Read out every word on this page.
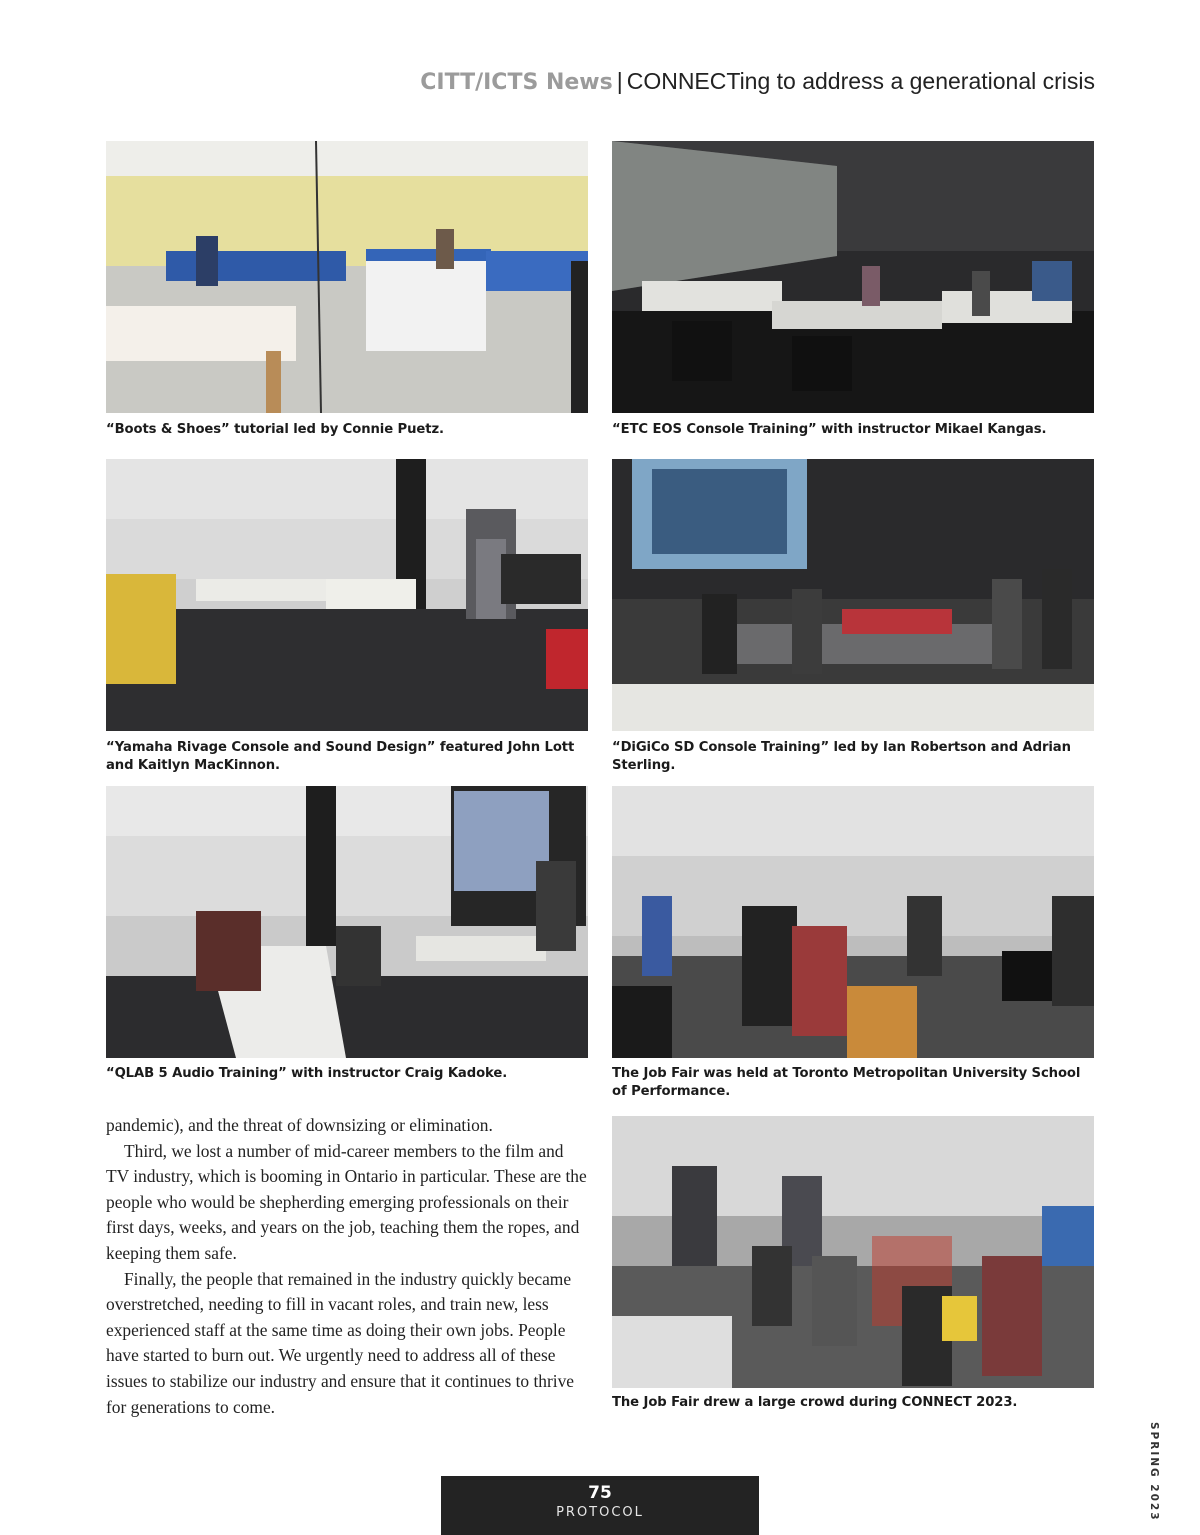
CITT/ICTS News | CONNECTing to address a generational crisis
“Boots & Shoes” tutorial led by Connie Puetz.	“ETC EOS Console Training” with instructor Mikael Kangas.
“Yamaha Rivage Console and Sound Design” featured John Lott and Kaitlyn MacKinnon.
“DiGiCo SD Console Training” led by Ian Robertson and Adrian Sterling.
“QLAB 5 Audio Training” with instructor Craig Kadoke.	The Job Fair was held at Toronto Metropolitan University School of Performance.
The Job Fair drew a large crowd during CONNECT 2023.

pandemic), and the threat of downsizing or elimination.

Third, we lost a number of mid-career members to the film and TV industry, which is booming in Ontario in particular. These are the people who would be shepherding emerging professionals on their first days, weeks, and years on the job, teaching them the ropes, and keeping them safe.

Finally, the people that remained in the industry quickly became overstretched, needing to fill in vacant roles, and train new, less experienced staff at the same time as doing their own jobs. People have started to burn out. We urgently need to address all of these issues to stabilize our industry and ensure that it continues to thrive for generations to come.

SPRING 2023
75
PROTOCOL
